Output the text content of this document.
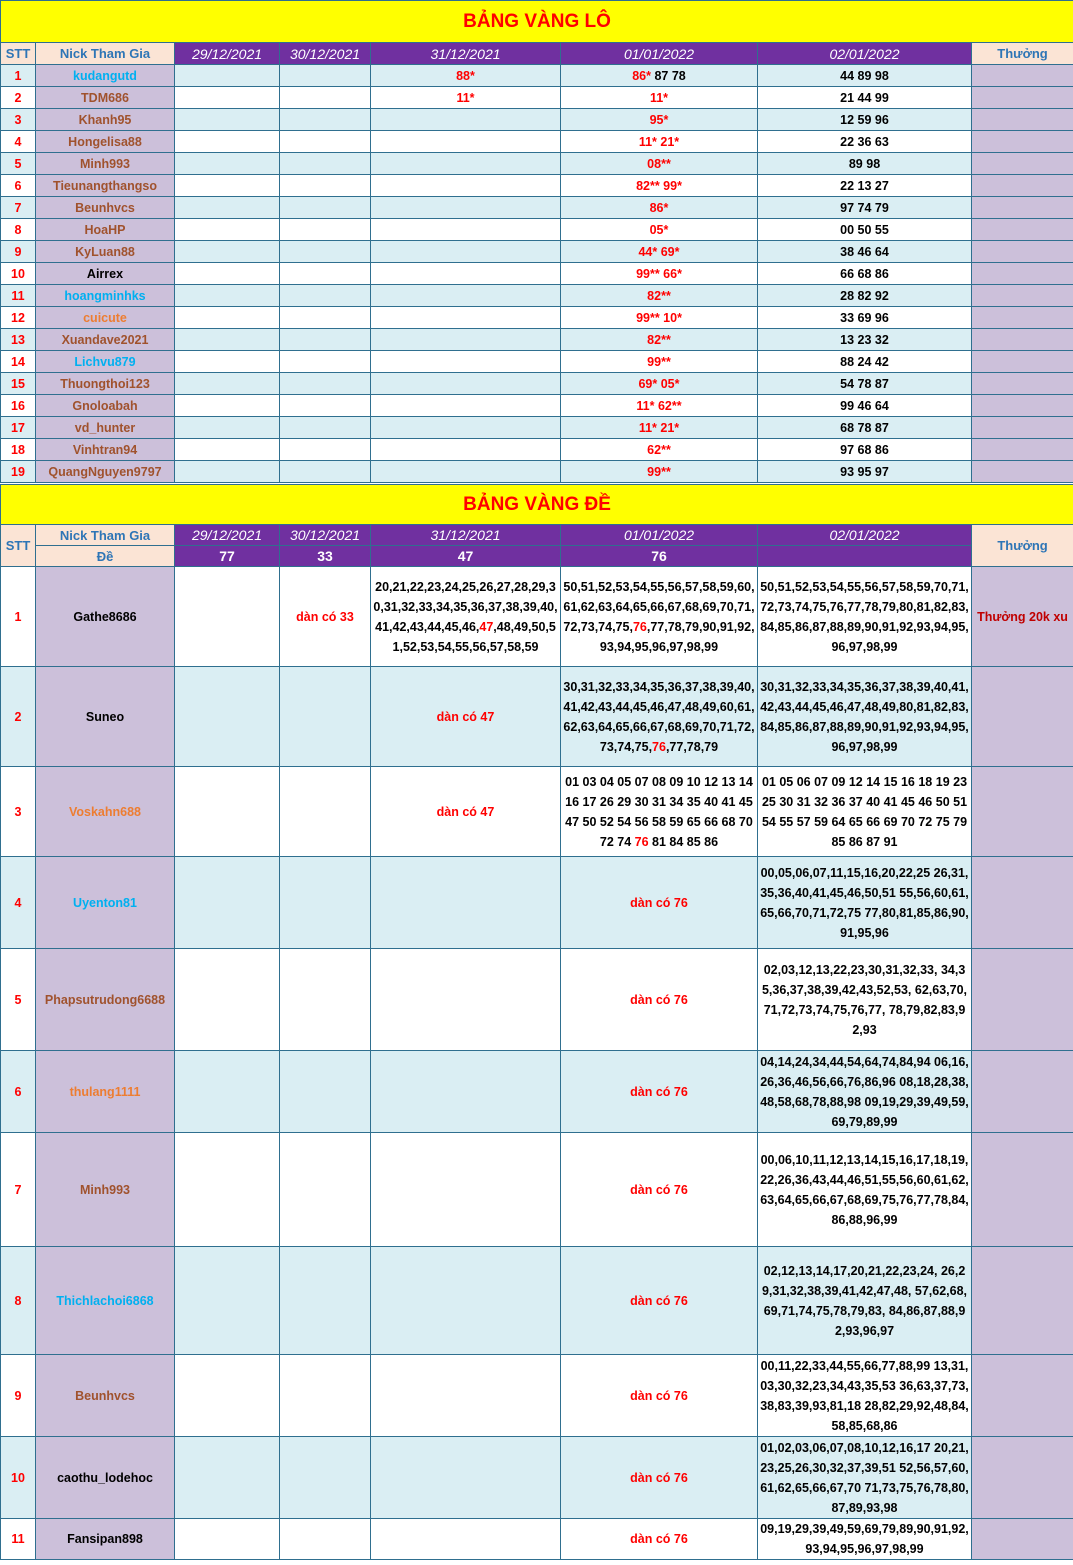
BẢNG VÀNG LÔ							
STT	Nick Tham Gia	29/12/2021	30/12/2021	31/12/2021	01/01/2022	02/01/2022	Thưởng
1	kudangutd			88*	86* 87 78	44 89 98	
2	TDM686			11*	11*	21 44 99	
3	Khanh95				95*	12 59 96	
4	Hongelisa88				11* 21*	22 36 63	
5	Minh993				08**	89 98	
6	Tieunangthangso				82** 99*	22 13 27	
7	Beunhvcs				86*	97 74 79	
8	HoaHP				05*	00 50 55	
9	KyLuan88				44* 69*	38 46 64	
10	Airrex				99** 66*	66 68 86	
11	hoangminhks				82**	28 82 92	
12	cuicute				99** 10*	33 69 96	
13	Xuandave2021				82**	13 23 32	
14	Lichvu879				99**	88 24 42	
15	Thuongthoi123				69* 05*	54 78 87	
16	Gnoloabah				11* 62**	99 46 64	
17	vd_hunter				11* 21*	68 78 87	
18	Vinhtran94				62**	97 68 86	
19	QuangNguyen9797				99**	93 95 97	
BẢNG VÀNG ĐỀ							
STT	Nick Tham Gia	29/12/2021	30/12/2021	31/12/2021	01/01/2022	02/01/2022	Thưởng
	Đề	77	33	47	76		
1	Gathe8686		dàn có 33	20,21,22,23,24,25,26,27,28,29,30,31,32,33,34,35,36,37,38,39,40,41,42,43,44,45,46,47,48,49,50,51,52,53,54,55,56,57,58,59	50,51,52,53,54,55,56,57,58,59,60,61,62,63,64,65,66,67,68,69,70,71,72,73,74,75,76,77,78,79,90,91,92,93,94,95,96,97,98,99	50,51,52,53,54,55,56,57,58,59,70,71,72,73,74,75,76,77,78,79,80,81,82,83,84,85,86,87,88,89,90,91,92,93,94,95,96,97,98,99	Thưởng 20k xu
2	Suneo			dàn có 47	30,31,32,33,34,35,36,37,38,39,40,41,42,43,44,45,46,47,48,49,60,61,62,63,64,65,66,67,68,69,70,71,72,73,74,75,76,77,78,79	30,31,32,33,34,35,36,37,38,39,40,41,42,43,44,45,46,47,48,49,80,81,82,83,84,85,86,87,88,89,90,91,92,93,94,95,96,97,98,99	
3	Voskahn688			dàn có 47	01 03 04 05 07 08 09 10 12 13 14 16 17 26 29 30 31 34 35 40 41 45 47 50 52 54 56 58 59 65 66 68 70 72 74 76 81 84 85 86	01 05 06 07 09 12 14 15 16 18 19 23 25 30 31 32 36 37 40 41 45 46 50 51 54 55 57 59 64 65 66 69 70 72 75 79 85 86 87 91	
4	Uyenton81				dàn có 76	00,05,06,07,11,15,16,20,22,25 26,31,35,36,40,41,45,46,50,51 55,56,60,61,65,66,70,71,72,75 77,80,81,85,86,90,91,95,96	
5	Phapsutrudong6688				dàn có 76	02,03,12,13,22,23,30,31,32,33, 34,35,36,37,38,39,42,43,52,53, 62,63,70,71,72,73,74,75,76,77, 78,79,82,83,92,93	
6	thulang1111				dàn có 76	04,14,24,34,44,54,64,74,84,94 06,16,26,36,46,56,66,76,86,96 08,18,28,38,48,58,68,78,88,98 09,19,29,39,49,59,69,79,89,99	
7	Minh993				dàn có 76	00,06,10,11,12,13,14,15,16,17,18,19,22,26,36,43,44,46,51,55,56,60,61,62,63,64,65,66,67,68,69,75,76,77,78,84,86,88,96,99	
8	Thichlachoi6868				dàn có 76	02,12,13,14,17,20,21,22,23,24, 26,29,31,32,38,39,41,42,47,48, 57,62,68,69,71,74,75,78,79,83, 84,86,87,88,92,93,96,97	
9	Beunhvcs				dàn có 76	00,11,22,33,44,55,66,77,88,99 13,31,03,30,32,23,34,43,35,53 36,63,37,73,38,83,39,93,81,18 28,82,29,92,48,84,58,85,68,86	
10	caothu_lodehoc				dàn có 76	01,02,03,06,07,08,10,12,16,17 20,21,23,25,26,30,32,37,39,51 52,56,57,60,61,62,65,66,67,70 71,73,75,76,78,80,87,89,93,98	
11	Fansipan898				dàn có 76	09,19,29,39,49,59,69,79,89,90,91,92,93,94,95,96,97,98,99	
